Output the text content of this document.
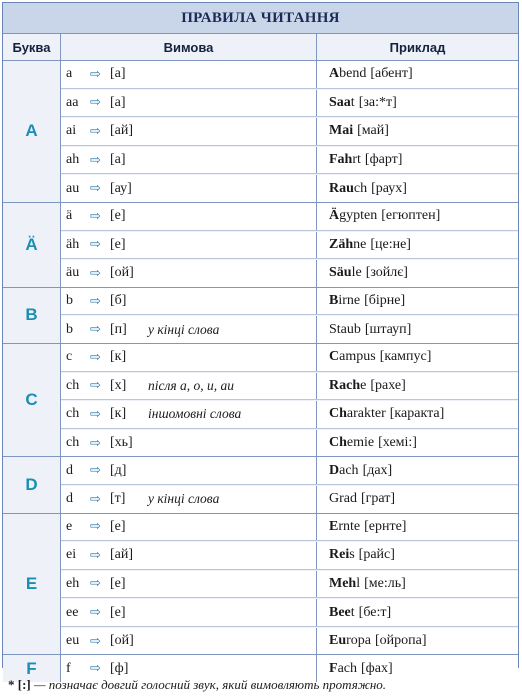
ПРАВИЛА ЧИТАННЯ
Буква	Вимова	Приклад
A
a	⇨ [а]	A bend [абент]
aa ⇨ [а]	Saa t [за:*т]
ai	⇨ [ай]	Mai [май]
ah ⇨ [а]	Fah rt [фарт]
au ⇨ [ау]	Rau ch [раух]
Ä
ä	⇨ [е]	Ä gypten [егюптен]
äh ⇨ [е]	Zäh ne [це:не]
äu ⇨ [ой]	Säu le [зойлє]
B
b	⇨ [б]	B irne [бірне]
b	⇨ [п]	у кінці слова	Staub [штауп]
C
c	⇨ [к]	C ampus [кампус]
ch ⇨ [х]	після a, o, u, au	Rach e [рахе]
ch ⇨ [к]	іншомовні слова	Ch arakter [каракта]
ch ⇨ [хь]	Ch emie [хемі:]
D
d	⇨ [д]	D ach [дах]
d	⇨ [т]	у кінці слова	Grad [грат]
E
e	⇨ [е]	E rnte [ернте]
ei	⇨ [ай]	Rei s [райс]
eh ⇨ [е]	Meh l [ме:ль]
ee ⇨ [е]	Bee t [бе:т]
eu ⇨ [ой]	Eu ropa [ойропа]
F	f	⇨ [ф]	F ach [фах]
* [:] — позначає довгий голосний звук, який вимовляють протяжно.
